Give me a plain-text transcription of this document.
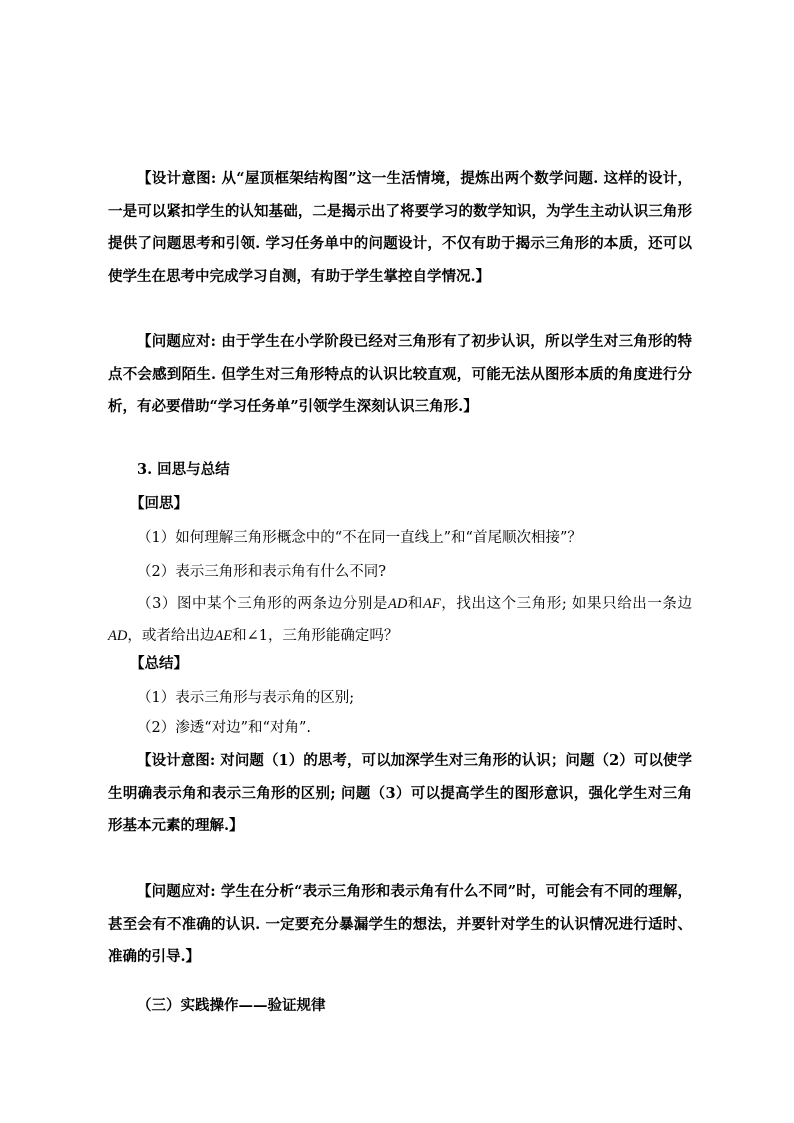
【设计意图: 从“屋顶框架结构图”这一生活情境，提炼出两个数学问题. 这样的设计，一是可以紧扣学生的认知基础，二是揭示出了将要学习的数学知识，为学生主动认识三角形提供了问题思考和引领. 学习任务单中的问题设计，不仅有助于揭示三角形的本质，还可以使学生在思考中完成学习自测，有助于学生掌控自学情况.】

【问题应对: 由于学生在小学阶段已经对三角形有了初步认识，所以学生对三角形的特点不会感到陌生. 但学生对三角形特点的认识比较直观，可能无法从图形本质的角度进行分析，有必要借助“学习任务单”引领学生深刻认识三角形.】

3. 回思与总结

【回思】

（1）如何理解三角形概念中的“不在同一直线上”和“首尾顺次相接”？

（2）表示三角形和表示角有什么不同?

（3）图中某个三角形的两条边分别是AD和AF，找出这个三角形; 如果只给出一条边AD，或者给出边AE和∠1，三角形能确定吗？

【总结】

（1）表示三角形与表示角的区别;

（2）渗透“对边”和“对角”.

【设计意图: 对问题（1）的思考，可以加深学生对三角形的认识；问题（2）可以使学生明确表示角和表示三角形的区别; 问题（3）可以提高学生的图形意识，强化学生对三角形基本元素的理解.】

【问题应对: 学生在分析“表示三角形和表示角有什么不同”时，可能会有不同的理解，甚至会有不准确的认识. 一定要充分暴漏学生的想法，并要针对学生的认识情况进行适时、准确的引导.】

（三）实践操作——验证规律
